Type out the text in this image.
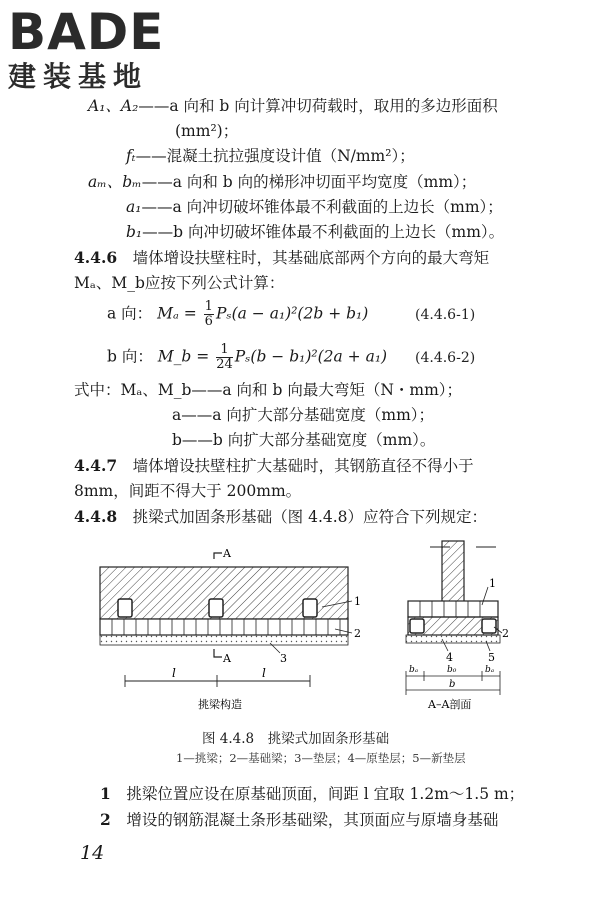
BADE
建装基地
A₁、A₂——a 向和 b 向计算冲切荷载时，取用的多边形面积
(mm²)；
fₜ——混凝土抗拉强度设计值（N/mm²）；
aₘ、bₘ——a 向和 b 向的梯形冲切面平均宽度（mm）；
a₁——a 向冲切破坏锥体最不利截面的上边长（mm）；
b₁——b 向冲切破坏锥体最不利截面的上边长（mm）。
4.4.6　 墙体增设扶壁柱时，其基础底部两个方向的最大弯矩
Mₐ、M_b应按下列公式计算：
a 向： $M_a = \frac{1}{6} P_s(a - a_1)^2(2b + b_1)$	(4.4.6-1)
b 向： M_b = $\frac{1}{24} P_s(b - b_1)^2(2a + a_1)$ (4.4.6-2)
式中：Mₐ、M_b——a 向和 b 向最大弯矩（N・mm）；
a——a 向扩大部分基础宽度（mm）；
b——b 向扩大部分基础宽度（mm）。
4.4.7　 墙体增设扶壁柱扩大基础时，其钢筋直径不得小于
8mm，间距不得大于 200mm。
4.4.8　 挑梁式加固条形基础（图 4.4.8）应符合下列规定：
A
A
1
2
3
l	l
挑梁构造
1
2
4	5
bₐ	b₀	bₐ
b
A–A剖面
图 4.4.8　挑梁式加固条形基础
1—挑梁；2—基础梁；3—垫层；4—原垫层；5—新垫层
1　 挑梁位置应设在原基础顶面，间距 l 宜取 1.2m～1.5 m；
2　 增设的钢筋混凝土条形基础梁，其顶面应与原墙身基础
14
